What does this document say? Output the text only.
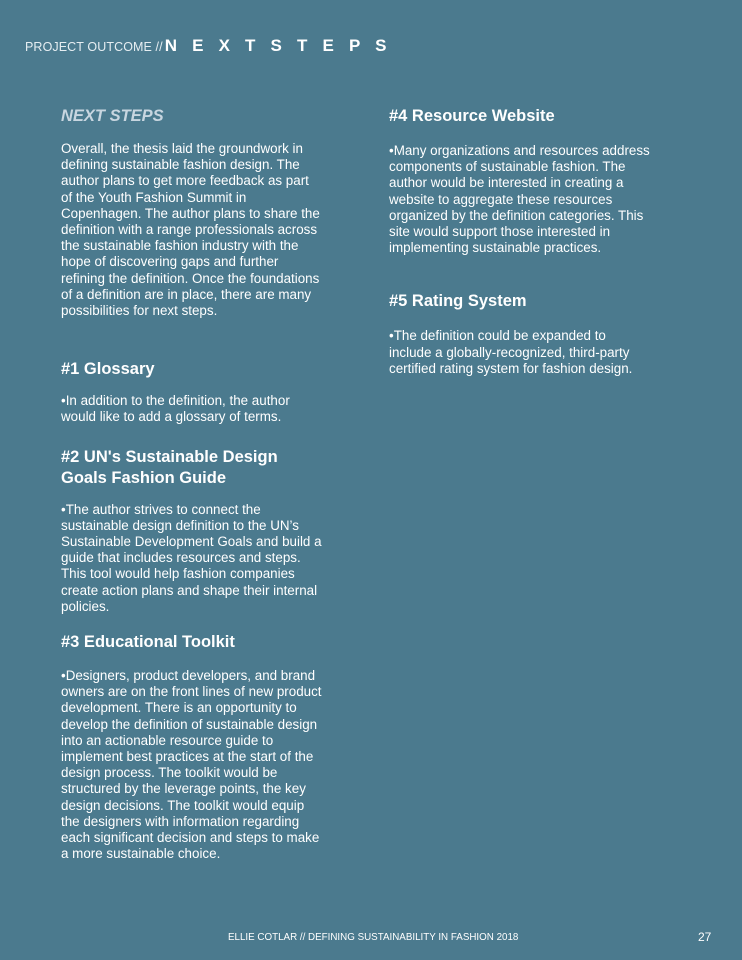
PROJECT OUTCOME // N E X T S T E P S
NEXT STEPS

Overall, the thesis laid the groundwork in defining sustainable fashion design. The author plans to get more feedback as part of the Youth Fashion Summit in Copenhagen. The author plans to share the definition with a range professionals across the sustainable fashion industry with the hope of discovering gaps and further refining the definition. Once the foundations of a definition are in place, there are many possibilities for next steps.

#1 Glossary

•In addition to the definition, the author would like to add a glossary of terms.

#2 UN's Sustainable Design Goals Fashion Guide

•The author strives to connect the sustainable design definition to the UN’s Sustainable Development Goals and build a guide that includes resources and steps. This tool would help fashion companies create action plans and shape their internal policies.

#3 Educational Toolkit

•Designers, product developers, and brand owners are on the front lines of new product development. There is an opportunity to develop the definition of sustainable design into an actionable resource guide to implement best practices at the start of the design process. The toolkit would be structured by the leverage points, the key design decisions. The toolkit would equip the designers with information regarding each significant decision and steps to make a more sustainable choice.

#4 Resource Website

•Many organizations and resources address components of sustainable fashion. The author would be interested in creating a website to aggregate these resources organized by the definition categories. This site would support those interested in implementing sustainable practices.

#5 Rating System

•The definition could be expanded to include a globally-recognized, third-party certified rating system for fashion design.

ELLIE COTLAR // DEFINING SUSTAINABILITY IN FASHION 2018	27
